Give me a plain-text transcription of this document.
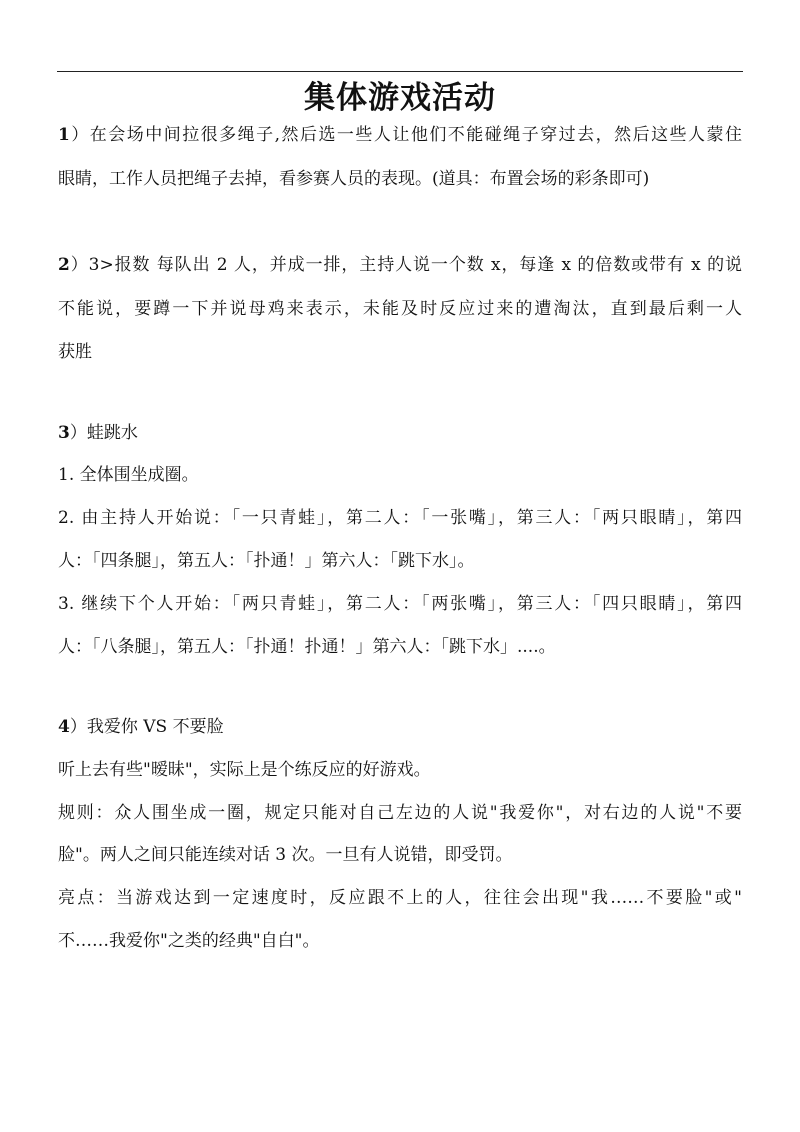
集体游戏活动
1）在会场中间拉很多绳子,然后选一些人让他们不能碰绳子穿过去，然后这些人蒙住
眼睛，工作人员把绳子去掉，看参赛人员的表现。(道具：布置会场的彩条即可)
2）3>报数 每队出 2 人，并成一排，主持人说一个数 x，每逢 x 的倍数或带有 x 的说
不能说，要蹲一下并说母鸡来表示，未能及时反应过来的遭淘汰，直到最后剩一人
获胜
3）蛙跳水
1. 全体围坐成圈。
2. 由主持人开始说：「一只青蛙」，第二人：「一张嘴」，第三人：「两只眼睛」，第四
人：「四条腿」，第五人：「扑通！」第六人：「跳下水」。
3. 继续下个人开始：「两只青蛙」，第二人：「两张嘴」，第三人：「四只眼睛」，第四
人：「八条腿」，第五人：「扑通！扑通！」第六人：「跳下水」....。
4）我爱你 VS 不要脸
听上去有些"暧昧"，实际上是个练反应的好游戏。
规则：众人围坐成一圈，规定只能对自己左边的人说"我爱你"，对右边的人说"不要
脸"。两人之间只能连续对话 3 次。一旦有人说错，即受罚。
亮点：当游戏达到一定速度时，反应跟不上的人，往往会出现"我……不要脸"或"
不……我爱你"之类的经典"自白"。
